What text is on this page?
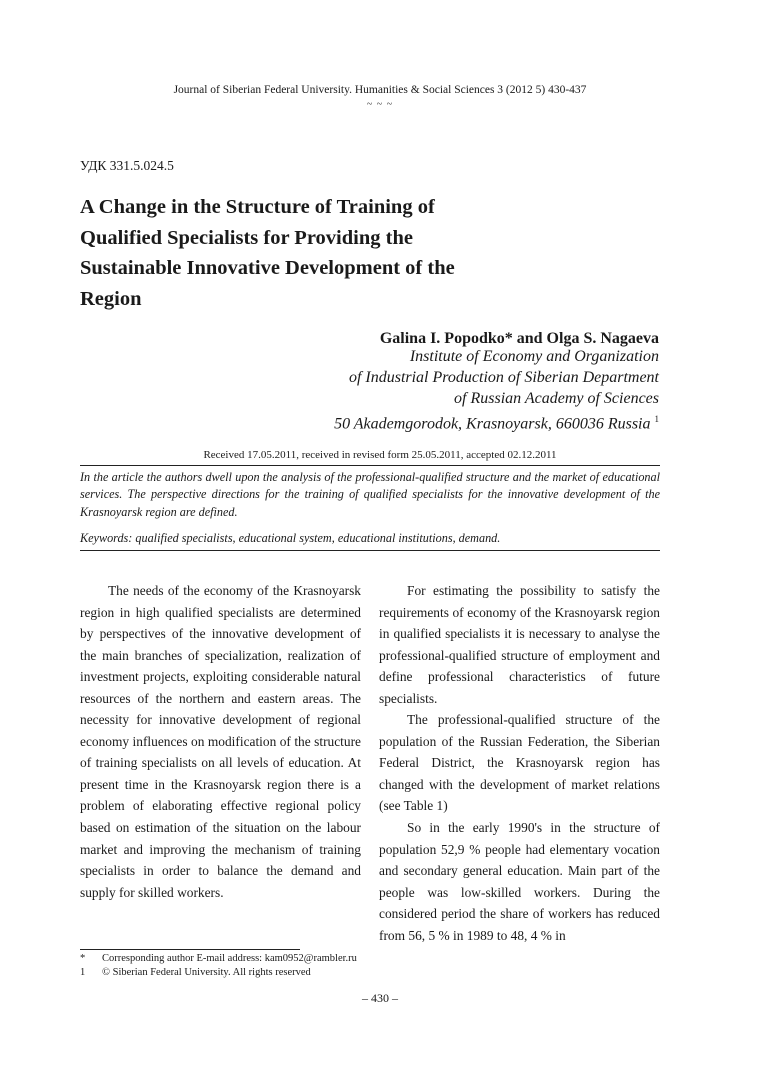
Journal of Siberian Federal University. Humanities & Social Sciences 3 (2012 5) 430-437
~ ~ ~
УДК 331.5.024.5
A Change in the Structure of Training of Qualified Specialists for Providing the Sustainable Innovative Development of the Region
Galina I. Popodko* and Olga S. Nagaeva
Institute of Economy and Organization
of Industrial Production of Siberian Department
of Russian Academy of Sciences
50 Akademgorodok, Krasnoyarsk, 660036 Russia $^1$
Received 17.05.2011, received in revised form 25.05.2011, accepted 02.12.2011
In the article the authors dwell upon the analysis of the professional-qualified structure and the market of educational services. The perspective directions for the training of qualified specialists for the innovative development of the Krasnoyarsk region are defined.
Keywords: qualified specialists, educational system, educational institutions, demand.

The needs of the economy of the Krasnoyarsk region in high qualified specialists are determined by perspectives of the innovative development of the main branches of specialization, realization of investment projects, exploiting considerable natural resources of the northern and eastern areas. The necessity for innovative development of regional economy influences on modification of the structure of training specialists on all levels of education. At present time in the Krasnoyarsk region there is a problem of elaborating effective regional policy based on estimation of the situation on the labour market and improving the mechanism of training specialists in order to balance the demand and supply for skilled workers.

For estimating the possibility to satisfy the requirements of economy of the Krasnoyarsk region in qualified specialists it is necessary to analyse the professional-qualified structure of employment and define professional characteristics of future specialists.

The professional-qualified structure of the population of the Russian Federation, the Siberian Federal District, the Krasnoyarsk region has changed with the development of market relations (see Table 1)

So in the early 1990's in the structure of population 52,9 % people had elementary vocation and secondary general education. Main part of the people was low-skilled workers. During the considered period the share of workers has reduced from 56, 5 % in 1989 to 48, 4 % in

* Corresponding author E-mail address: kam0952@rambler.ru
1 © Siberian Federal University. All rights reserved
– 430 –
